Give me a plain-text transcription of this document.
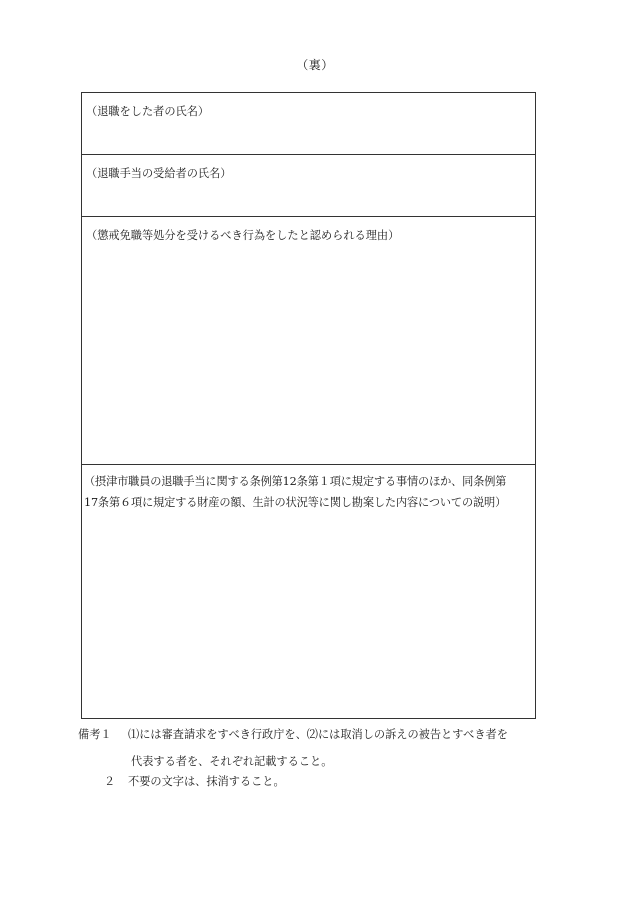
（裏）
（退職をした者の氏名）
（退職手当の受給者の氏名）
（懲戒免職等処分を受けるべき行為をしたと認められる理由）
（摂津市職員の退職手当に関する条例第12条第１項に規定する事情のほか、同条例第
17条第６項に規定する財産の額、生計の状況等に関し勘案した内容についての説明）
備考１ ⑴には審査請求をすべき行政庁を、⑵には取消しの訴えの被告とすべき者を
代表する者を、それぞれ記載すること。
２ 不要の文字は、抹消すること。
